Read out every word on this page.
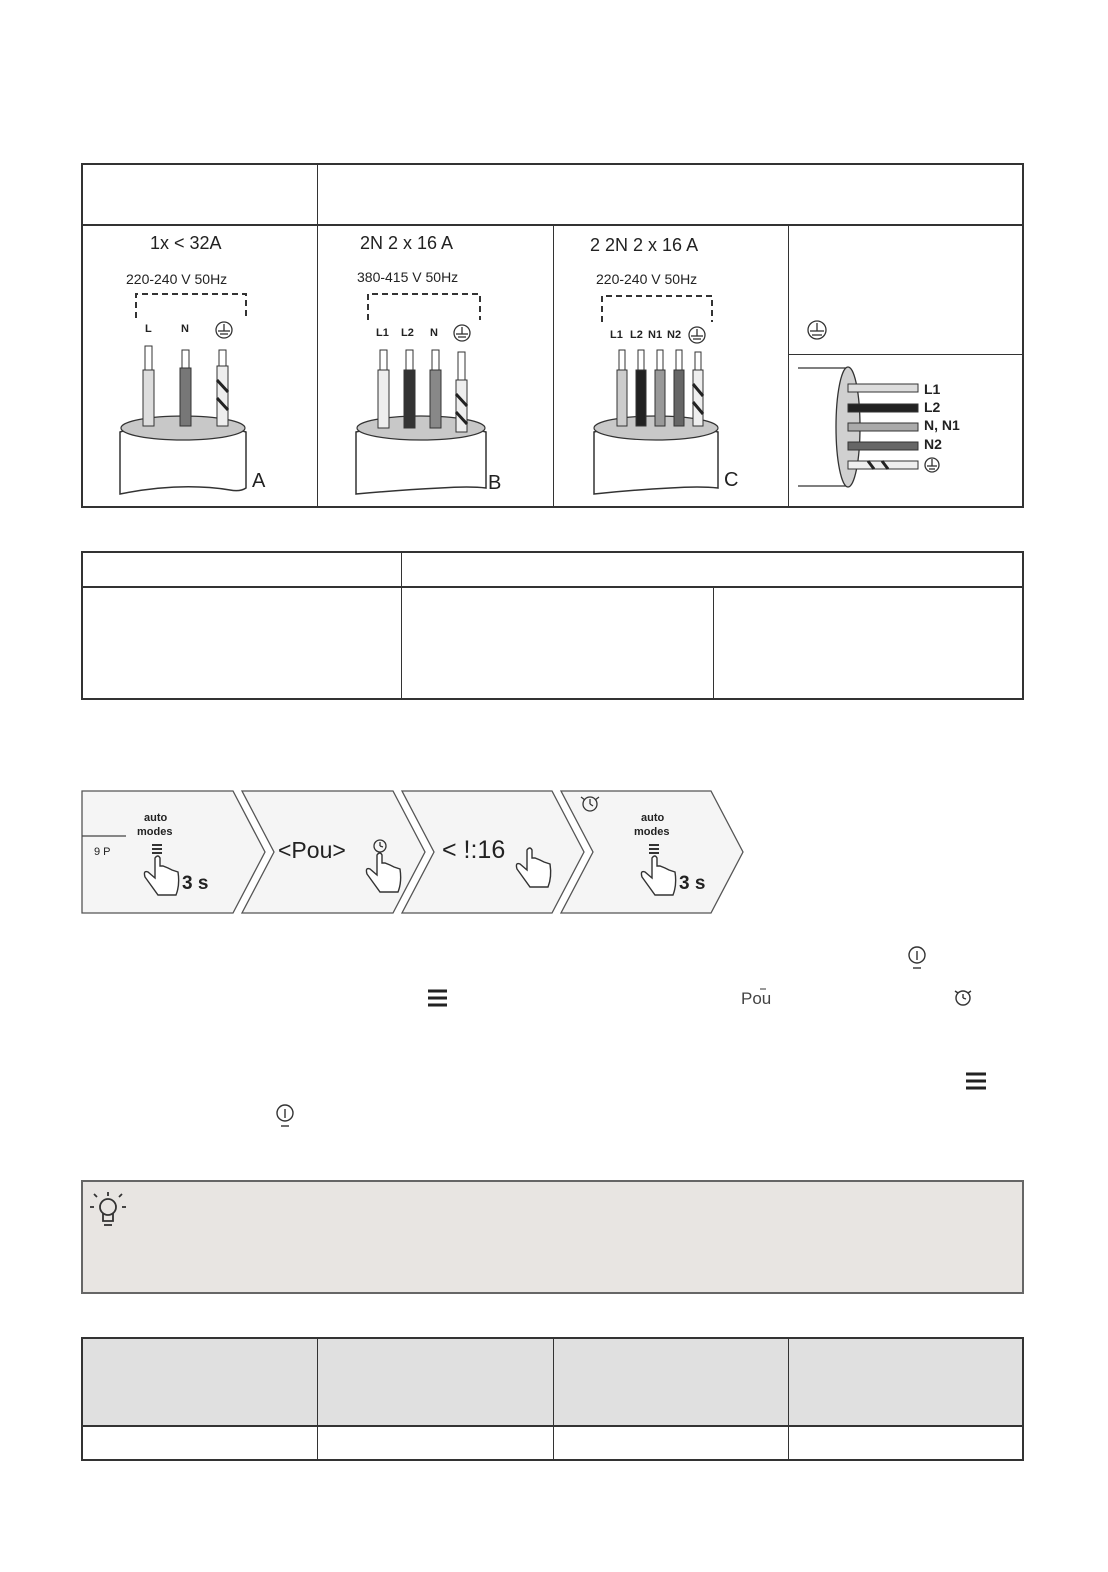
1x < 32A
220-240 V 50Hz
L	N
A
2N 2 x 16 A
380-415 V 50Hz
L1 L2 N
B
2 2N 2 x 16 A
220-240 V 50Hz
L1 L2 N1 N2
C
L1
L2
N, N1
N2
auto
modes
9 P
3 s
<Pou>	< !:16
auto
modes
3 s
Pou
